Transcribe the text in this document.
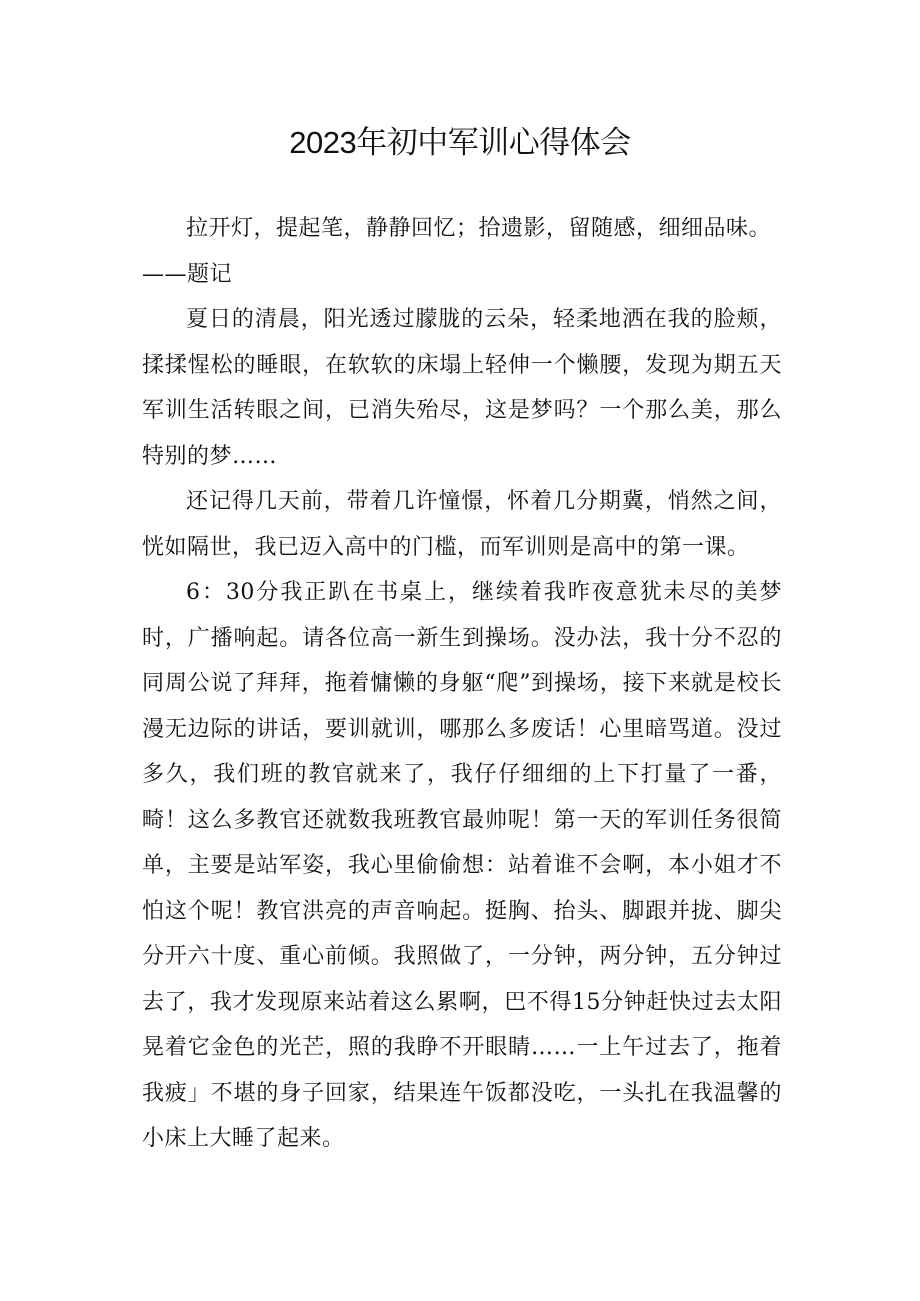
2023年初中军训心得体会

拉开灯，提起笔，静静回忆；拾遗影，留随感，细细品味。

——题记

夏日的清晨，阳光透过朦胧的云朵，轻柔地洒在我的脸颊，揉揉惺松的睡眼，在软软的床塌上轻伸一个懒腰，发现为期五天军训生活转眼之间，已消失殆尽，这是梦吗？一个那么美，那么特别的梦……

还记得几天前，带着几许憧憬，怀着几分期冀，悄然之间，恍如隔世，我已迈入高中的门槛，而军训则是高中的第一课。

6：30分我正趴在书桌上，继续着我昨夜意犹未尽的美梦时，广播响起。请各位高一新生到操场。没办法，我十分不忍的同周公说了拜拜，拖着慵懒的身躯“爬”到操场，接下来就是校长漫无边际的讲话，要训就训，哪那么多废话！心里暗骂道。没过多久，我们班的教官就来了，我仔仔细细的上下打量了一番，畸！这么多教官还就数我班教官最帅呢！第一天的军训任务很简单，主要是站军姿，我心里偷偷想：站着谁不会啊，本小姐才不怕这个呢！教官洪亮的声音响起。挺胸、抬头、脚跟并拢、脚尖分开六十度、重心前倾。我照做了，一分钟，两分钟，五分钟过去了，我才发现原来站着这么累啊，巴不得15分钟赶快过去太阳晃着它金色的光芒，照的我睁不开眼睛……一上午过去了，拖着我疲」不堪的身子回家，结果连午饭都没吃，一头扎在我温馨的小床上大睡了起来。
